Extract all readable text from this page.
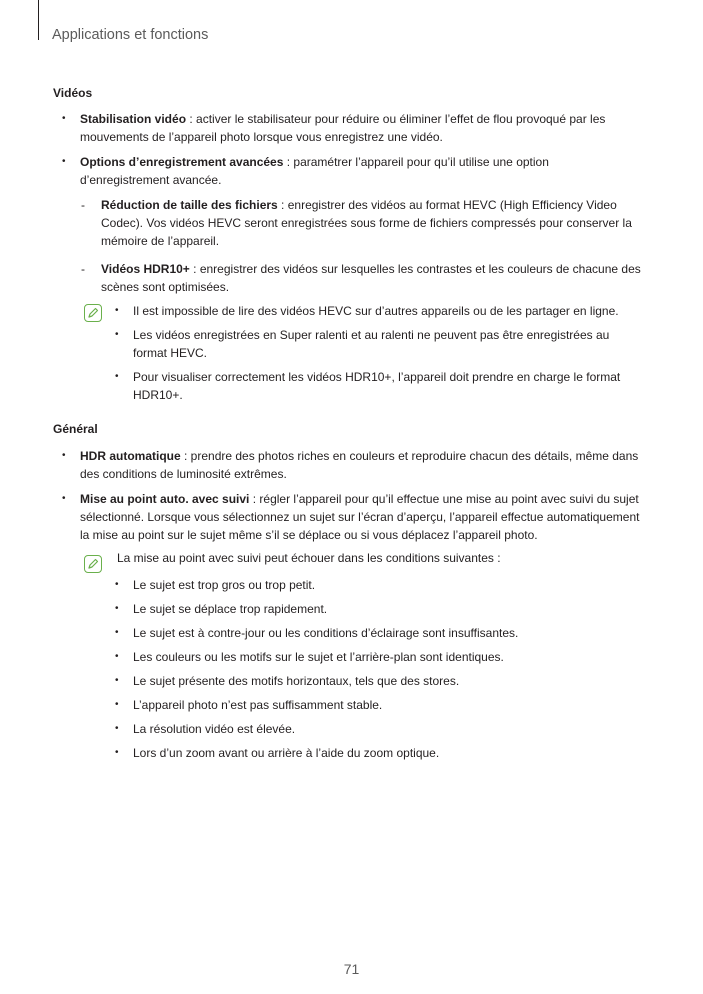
Applications et fonctions
Vidéos
• Stabilisation vidéo : activer le stabilisateur pour réduire ou éliminer l’effet de flou provoqué par les mouvements de l’appareil photo lorsque vous enregistrez une vidéo.
• Options d’enregistrement avancées : paramétrer l’appareil pour qu’il utilise une option d’enregistrement avancée.
- Réduction de taille des fichiers : enregistrer des vidéos au format HEVC (High Efficiency Video Codec). Vos vidéos HEVC seront enregistrées sous forme de fichiers compressés pour conserver la mémoire de l’appareil.
- Vidéos HDR10+ : enregistrer des vidéos sur lesquelles les contrastes et les couleurs de chacune des scènes sont optimisées.
• Il est impossible de lire des vidéos HEVC sur d’autres appareils ou de les partager en ligne.
• Les vidéos enregistrées en Super ralenti et au ralenti ne peuvent pas être enregistrées au format HEVC.
• Pour visualiser correctement les vidéos HDR10+, l’appareil doit prendre en charge le format HDR10+.
Général
• HDR automatique : prendre des photos riches en couleurs et reproduire chacun des détails, même dans des conditions de luminosité extrêmes.
• Mise au point auto. avec suivi : régler l’appareil pour qu’il effectue une mise au point avec suivi du sujet sélectionné. Lorsque vous sélectionnez un sujet sur l’écran d’aperçu, l’appareil effectue automatiquement la mise au point sur le sujet même s’il se déplace ou si vous déplacez l’appareil photo.
La mise au point avec suivi peut échouer dans les conditions suivantes :
• Le sujet est trop gros ou trop petit.
• Le sujet se déplace trop rapidement.
• Le sujet est à contre-jour ou les conditions d’éclairage sont insuffisantes.
• Les couleurs ou les motifs sur le sujet et l’arrière-plan sont identiques.
• Le sujet présente des motifs horizontaux, tels que des stores.
• L’appareil photo n’est pas suffisamment stable.
• La résolution vidéo est élevée.
• Lors d’un zoom avant ou arrière à l’aide du zoom optique.
71
